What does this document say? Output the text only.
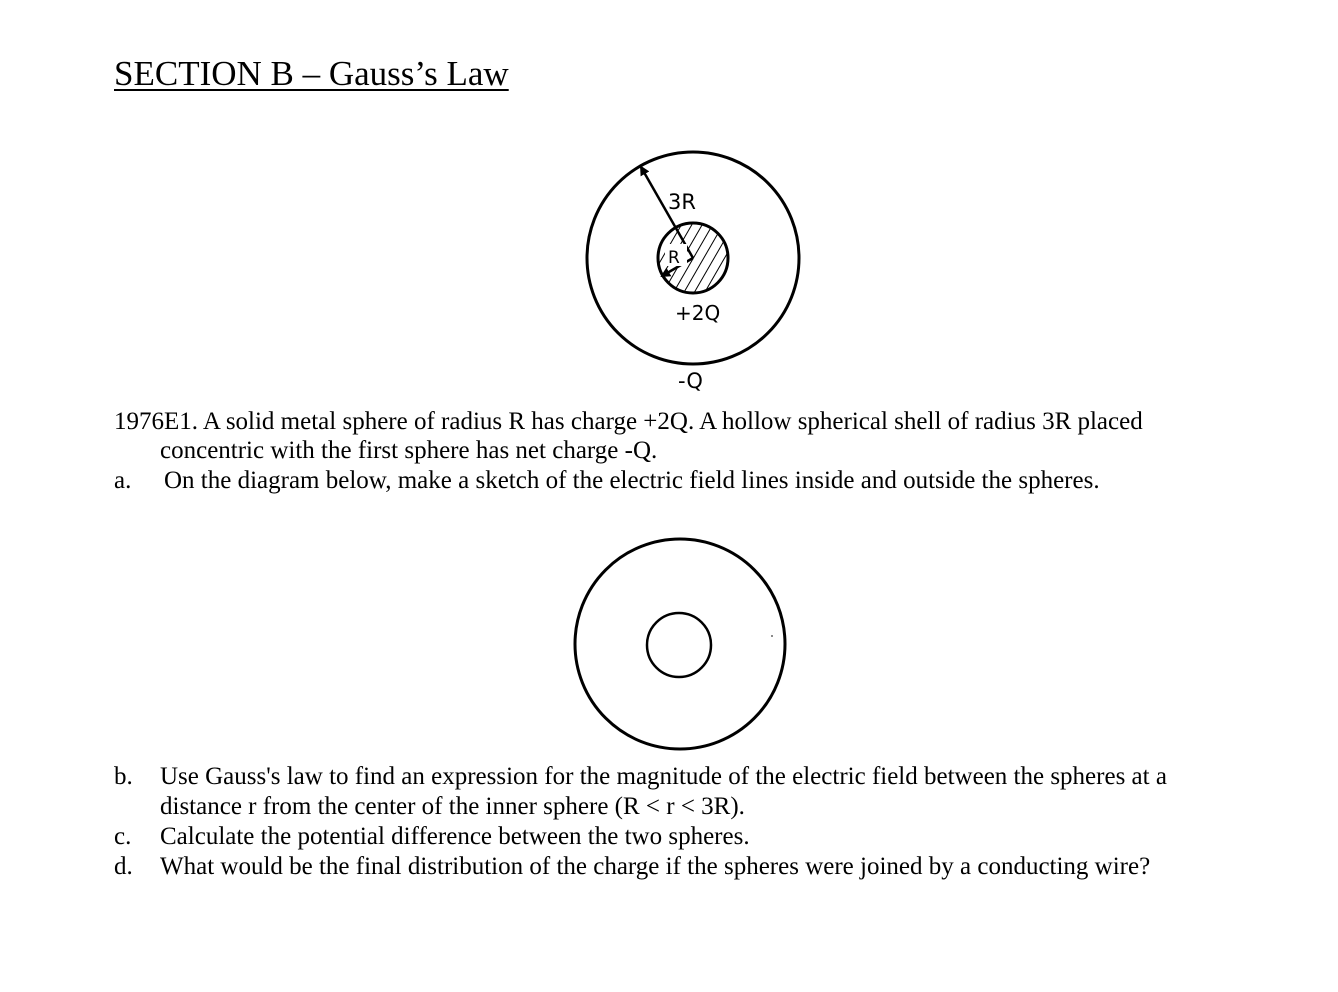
SECTION B – Gauss’s Law
3R
R
+2Q
-Q
1976E1. A solid metal sphere of radius R has charge +2Q. A hollow spherical shell of radius 3R placed
concentric with the first sphere has net charge -Q.
a. On the diagram below, make a sketch of the electric field lines inside and outside the spheres.
b. Use Gauss's law to find an expression for the magnitude of the electric field between the spheres at a
distance r from the center of the inner sphere (R < r < 3R).
c. Calculate the potential difference between the two spheres.
d. What would be the final distribution of the charge if the spheres were joined by a conducting wire?
